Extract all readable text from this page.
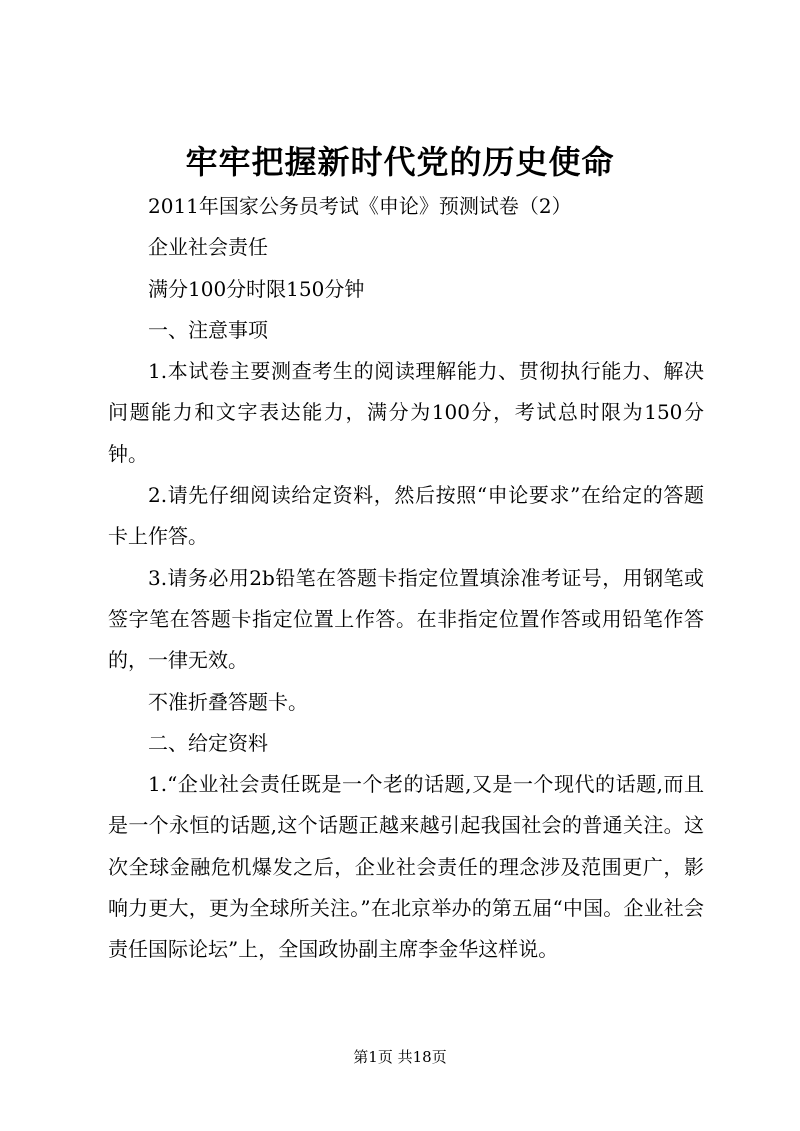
牢牢把握新时代党的历史使命

2011年国家公务员考试《申论》预测试卷（2）

企业社会责任

满分100分时限150分钟

一、注意事项

1.本试卷主要测查考生的阅读理解能力、贯彻执行能力、解决问题能力和文字表达能力，满分为100分，考试总时限为150分钟。

2.请先仔细阅读给定资料，然后按照“申论要求”在给定的答题卡上作答。

3.请务必用2b铅笔在答题卡指定位置填涂准考证号，用钢笔或签字笔在答题卡指定位置上作答。在非指定位置作答或用铅笔作答的，一律无效。

不准折叠答题卡。

二、给定资料

1.“企业社会责任既是一个老的话题,又是一个现代的话题,而且是一个永恒的话题,这个话题正越来越引起我国社会的普通关注。这次全球金融危机爆发之后，企业社会责任的理念涉及范围更广，影响力更大，更为全球所关注。”在北京举办的第五届“中国。企业社会责任国际论坛”上，全国政协副主席李金华这样说。

第1页 共18页
